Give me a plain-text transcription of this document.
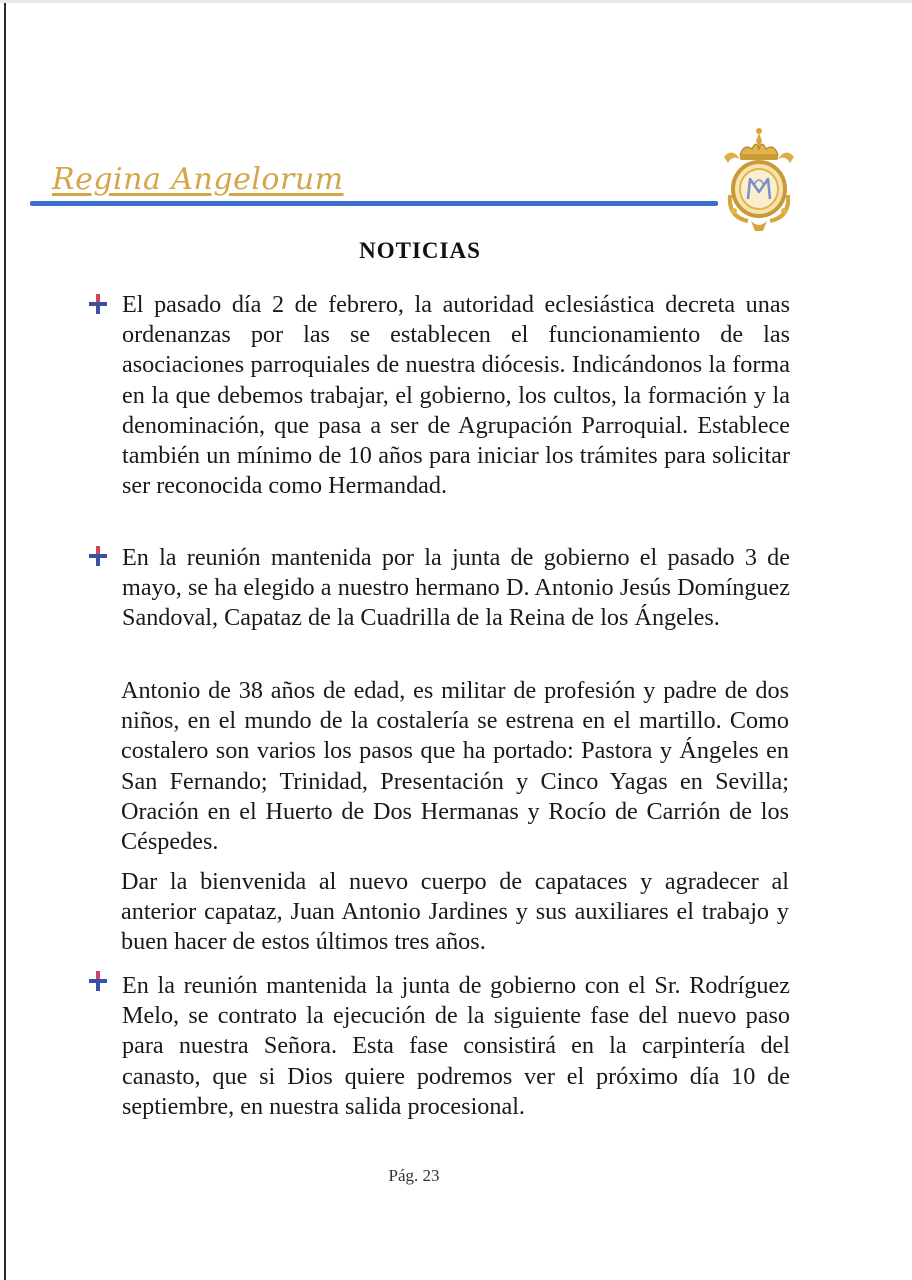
Regina Angelorum
NOTICIAS

El pasado día 2 de febrero, la autoridad eclesiástica decreta unas ordenanzas por las se establecen el funcionamiento de las asociaciones parroquiales de nuestra diócesis. Indicándonos la forma en la que debemos trabajar, el gobierno, los cultos, la formación y la denominación, que pasa a ser de Agrupación Parroquial. Establece también un mínimo de 10 años para iniciar los trámites para solicitar ser reconocida como Hermandad.

En la reunión mantenida por la junta de gobierno el pasado 3 de mayo, se ha elegido a nuestro hermano D. Antonio Jesús Domínguez Sandoval, Capataz de la Cuadrilla de la Reina de los Ángeles.

Antonio de 38 años de edad, es militar de profesión y padre de dos niños, en el mundo de la costalería se estrena en el martillo. Como costalero son varios los pasos que ha portado: Pastora y Ángeles en San Fernando; Trinidad, Presentación y Cinco Yagas en Sevilla; Oración en el Huerto de Dos Hermanas y Rocío de Carrión de los Céspedes.

Dar la bienvenida al nuevo cuerpo de capataces y agradecer al anterior capataz, Juan Antonio Jardines y sus auxiliares el trabajo y buen hacer de estos últimos tres años.

En la reunión mantenida la junta de gobierno con el Sr. Rodríguez Melo, se contrato la ejecución de la siguiente fase del nuevo paso para nuestra Señora. Esta fase consistirá en la carpintería del canasto, que si Dios quiere podremos ver el próximo día 10 de septiembre, en nuestra salida procesional.

Pág. 23
